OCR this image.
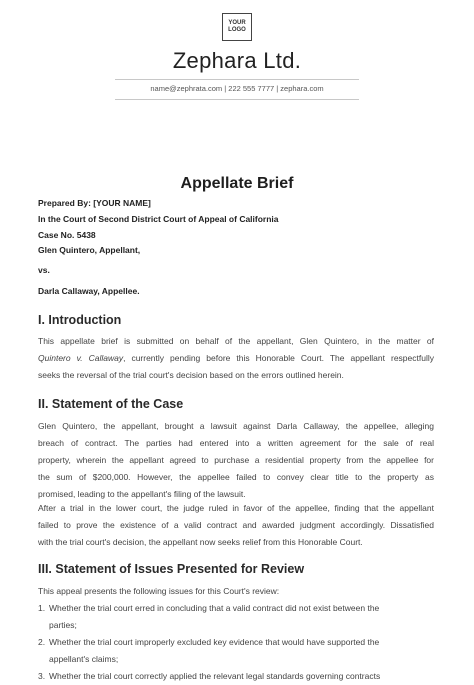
YOUR
LOGO
Zephara Ltd.
name@zephrata.com | 222 555 7777 | zephara.com
Appellate Brief
Prepared By: [YOUR NAME]
In the Court of Second District Court of Appeal of California
Case No. 5438
Glen Quintero, Appellant,
vs.
Darla Callaway, Appellee.
I. Introduction
This appellate brief is submitted on behalf of the appellant, Glen Quintero, in the matter of
Quintero v. Callaway, currently pending before this Honorable Court. The appellant respectfully
seeks the reversal of the trial court's decision based on the errors outlined herein.
II. Statement of the Case
Glen Quintero, the appellant, brought a lawsuit against Darla Callaway, the appellee, alleging
breach of contract. The parties had entered into a written agreement for the sale of real
property, wherein the appellant agreed to purchase a residential property from the appellee for
the sum of $200,000. However, the appellee failed to convey clear title to the property as
promised, leading to the appellant's filing of the lawsuit.
After a trial in the lower court, the judge ruled in favor of the appellee, finding that the appellant
failed to prove the existence of a valid contract and awarded judgment accordingly. Dissatisfied
with the trial court's decision, the appellant now seeks relief from this Honorable Court.
III. Statement of Issues Presented for Review
This appeal presents the following issues for this Court's review:
1. Whether the trial court erred in concluding that a valid contract did not exist between the
parties;
2. Whether the trial court improperly excluded key evidence that would have supported the
appellant's claims;
3. Whether the trial court correctly applied the relevant legal standards governing contracts
